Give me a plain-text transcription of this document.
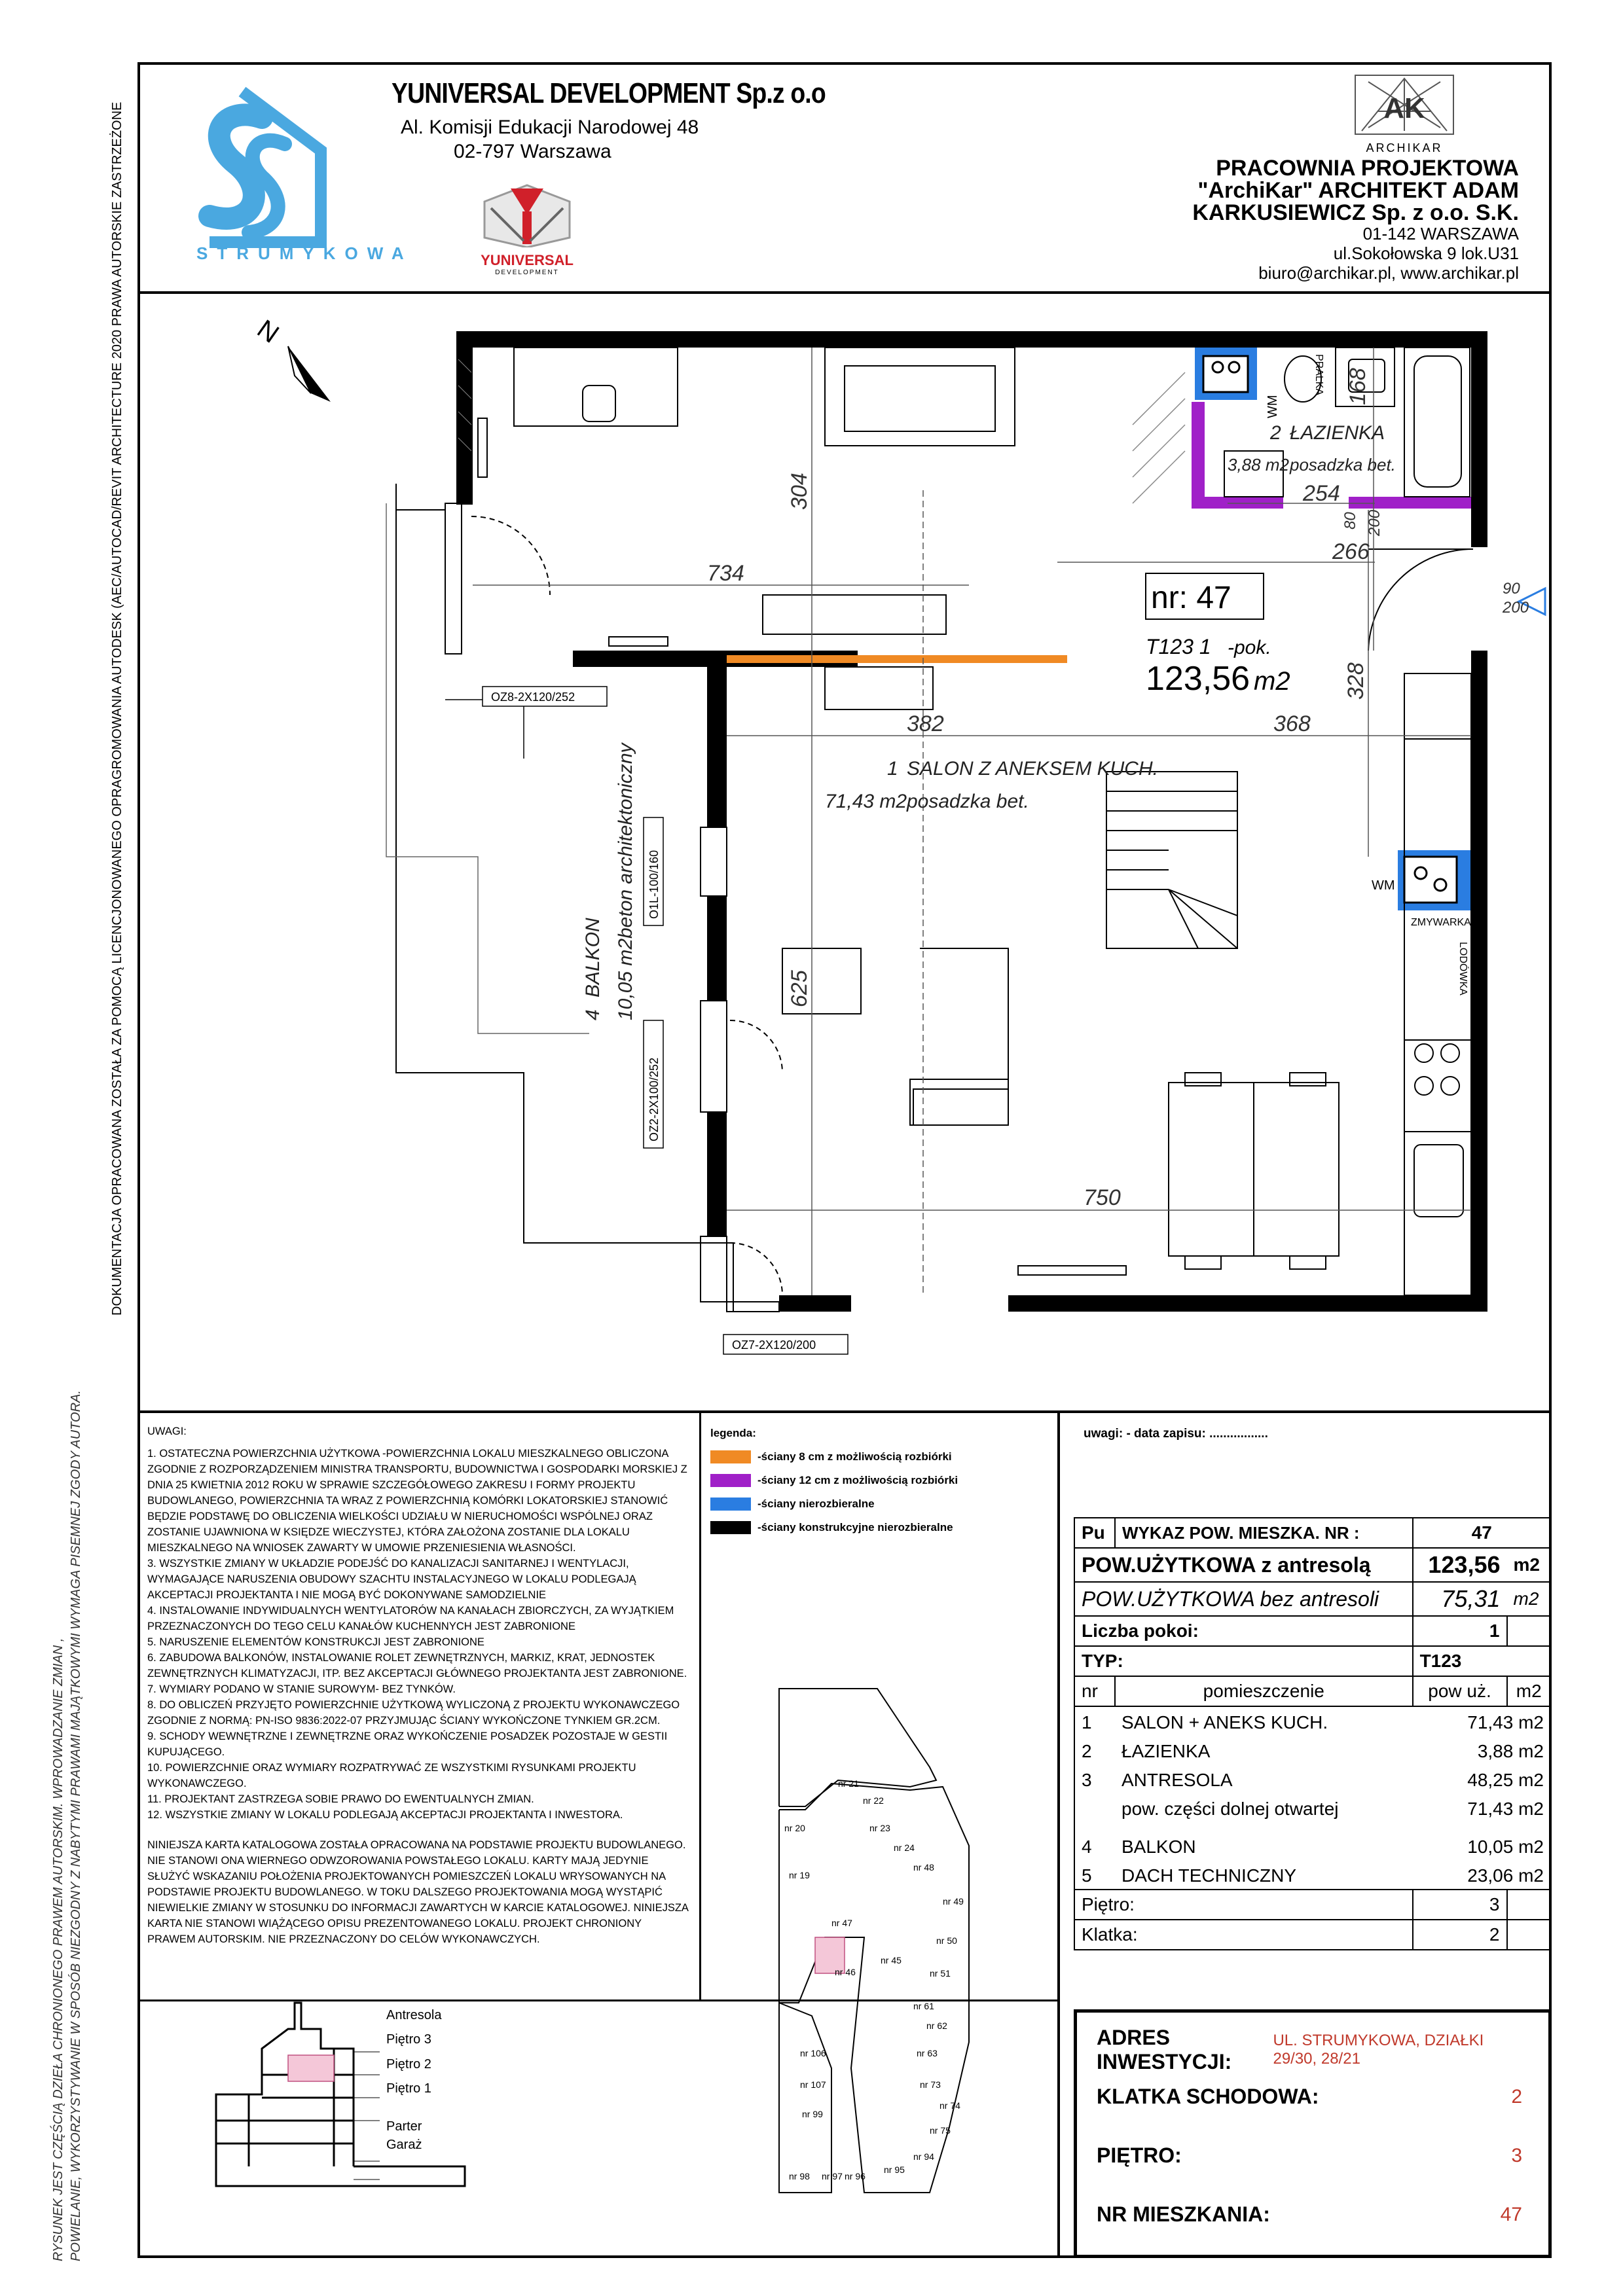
RYSUNEK JEST CZĘŚCIĄ DZIEŁA CHRONIONEGO PRAWEM AUTORSKIM. WPROWADZANIE ZMIAN , POWIELANIE, WYKORZYSTYWANIE W SPOSÓB NIEZGODNY Z NABYTYMI PRAWAMI MAJĄTKOWYMI WYMAGA PISEMNEJ ZGODY AUTORA.
DOKUMENTACJA OPRACOWANA ZOSTAŁA ZA POMOCĄ LICENCJONOWANEGO OPRAGROMOWANIA AUTODESK (AEC/AUTOCAD/REVIT ARCHITECTURE 2020 PRAWA AUTORSKIE ZASTRZEŻONE	STRUMYKOWA
YUNIVERSAL DEVELOPMENT Sp.z o.o
Al. Komisji Edukacji Narodowej 48
02-797 Warszawa
YUNIVERSAL
DEVELOPMENT
AK
ARCHIKAR
PRACOWNIA PROJEKTOWA
"ArchiKar" ARCHITEKT ADAM
KARKUSIEWICZ Sp. z o.o. S.K.
01-142 WARSZAWA
ul.Sokołowska 9 lok.U31
biuro@archikar.pl, www.archikar.pl
N
734
304
266
254
168
80 200
90
200
382	368
328
625
750
nr: 47
T123 1 -pok.
123,56 m2
1 SALON Z ANEKSEM KUCH.
71,43 m2 posadzka bet.
2 ŁAZIENKA
3,88 m2 posadzka bet.
4
BALKON 10,05 m2
beton architektoniczny
OZ8-2X120/252
O1L-100/160
OZ2-2X100/252
OZ7-2X120/200
WM
WM
PRALKA
ZMYWARKA
LODÓWKA

UWAGI:

1. OSTATECZNA POWIERZCHNIA UŻYTKOWA -POWIERZCHNIA LOKALU MIESZKALNEGO OBLICZONA ZGODNIE Z ROZPORZĄDZENIEM MINISTRA TRANSPORTU, BUDOWNICTWA I GOSPODARKI MORSKIEJ Z DNIA 25 KWIETNIA 2012 ROKU W SPRAWIE SZCZEGÓŁOWEGO ZAKRESU I FORMY PROJEKTU BUDOWLANEGO, POWIERZCHNIA TA WRAZ Z POWIERZCHNIĄ KOMÓRKI LOKATORSKIEJ STANOWIĆ BĘDZIE PODSTAWĘ DO OBLICZENIA WIELKOŚCI UDZIAŁU W NIERUCHOMOŚCI WSPÓLNEJ ORAZ ZOSTANIE UJAWNIONA W KSIĘDZE WIECZYSTEJ, KTÓRA ZAŁOŻONA ZOSTANIE DLA LOKALU MIESZKALNEGO NA WNIOSEK ZAWARTY W UMOWIE PRZENIESIENIA WŁASNOŚCI.

3. WSZYSTKIE ZMIANY W UKŁADZIE PODEJŚĆ DO KANALIZACJI SANITARNEJ I WENTYLACJI, WYMAGAJĄCE NARUSZENIA OBUDOWY SZACHTU INSTALACYJNEGO W LOKALU PODLEGAJĄ AKCEPTACJI PROJEKTANTA I NIE MOGĄ BYĆ DOKONYWANE SAMODZIELNIE

4. INSTALOWANIE INDYWIDUALNYCH WENTYLATORÓW NA KANAŁACH ZBIORCZYCH, ZA WYJĄTKIEM PRZEZNACZONYCH DO TEGO CELU KANAŁÓW KUCHENNYCH JEST ZABRONIONE

5. NARUSZENIE ELEMENTÓW KONSTRUKCJI JEST ZABRONIONE

6. ZABUDOWA BALKONÓW, INSTALOWANIE ROLET ZEWNĘTRZNYCH, MARKIZ, KRAT, JEDNOSTEK ZEWNĘTRZNYCH KLIMATYZACJI, ITP. BEZ AKCEPTACJI GŁÓWNEGO PROJEKTANTA JEST ZABRONIONE.

7. WYMIARY PODANO W STANIE SUROWYM- BEZ TYNKÓW.

8. DO OBLICZEŃ PRZYJĘTO POWIERZCHNIE UŻYTKOWĄ WYLICZONĄ Z PROJEKTU WYKONAWCZEGO ZGODNIE Z NORMĄ: PN-ISO 9836:2022-07 PRZYJMUJĄC ŚCIANY WYKOŃCZONE TYNKIEM GR.2CM.

9. SCHODY WEWNĘTRZNE I ZEWNĘTRZNE ORAZ WYKOŃCZENIE POSADZEK POZOSTAJE W GESTII KUPUJĄCEGO.

10. POWIERZCHNIE ORAZ WYMIARY ROZPATRYWAĆ ZE WSZYSTKIMI RYSUNKAMI PROJEKTU WYKONAWCZEGO.

11. PROJEKTANT ZASTRZEGA SOBIE PRAWO DO EWENTUALNYCH ZMIAN.

12. WSZYSTKIE ZMIANY W LOKALU PODLEGAJĄ AKCEPTACJI PROJEKTANTA I INWESTORA.

NINIEJSZA KARTA KATALOGOWA ZOSTAŁA OPRACOWANA NA PODSTAWIE PROJEKTU BUDOWLANEGO. NIE STANOWI ONA WIERNEGO ODWZOROWANIA POWSTAŁEGO LOKALU. KARTY MAJĄ JEDYNIE SŁUŻYĆ WSKAZANIU POŁOŻENIA PROJEKTOWANYCH POMIESZCZEŃ LOKALU WRYSOWANYCH NA PODSTAWIE PROJEKTU BUDOWLANEGO. W TOKU DALSZEGO PROJEKTOWANIA MOGĄ WYSTĄPIĆ NIEWIELKIE ZMIANY W STOSUNKU DO INFORMACJI ZAWARTYCH W KARCIE KATALOGOWEJ. NINIEJSZA KARTA NIE STANOWI WIĄŻĄCEGO OPISU PREZENTOWANEGO LOKALU. PROJEKT CHRONIONY PRAWEM AUTORSKIM. NIE PRZEZNACZONY DO CELÓW WYKONAWCZYCH.

legenda:
-ściany 8 cm z możliwością rozbiórki
-ściany 12 cm z możliwością rozbiórki
-ściany nierozbieralne
-ściany konstrukcyjne nierozbieralne
uwagi: - data zapisu: .................
Pu	WYKAZ POW. MIESZKA. NR :	47	
POW.UŻYTKOWA z antresolą		123,56	m2
POW.UŻYTKOWA bez antresoli		75,31	m2
Liczba pokoi:		1	
TYP:		T123	
nr	pomieszczenie	pow uż.	m2
1	SALON + ANEKS KUCH.	71,43 m2	
2	ŁAZIENKA	3,88 m2	
3	ANTRESOLA	48,25 m2	
	pow. części dolnej otwartej	71,43 m2	
4	BALKON	10,05 m2	
5	DACH TECHNICZNY	23,06 m2	
Piętro:		3	
Klatka:		2	
ADRES INWESTYCJI:
UL. STRUMYKOWA, DZIAŁKI 29/30, 28/21
KLATKA SCHODOWA:	2
PIĘTRO:	3
NR MIESZKANIA:	47
Antresola
Piętro 3
Piętro 2
Piętro 1
Parter
Garaż
nr 21
nr 22
nr 20	nr 23
nr 24
nr 48
nr 19
nr 49
nr 47
nr 50
nr 45
nr 46	nr 51
nr 61
nr 62
nr 106	nr 63
nr 107	nr 73
nr 74
nr 99
nr 75
nr 94
nr 98 nr 97 nr 96
nr 95
